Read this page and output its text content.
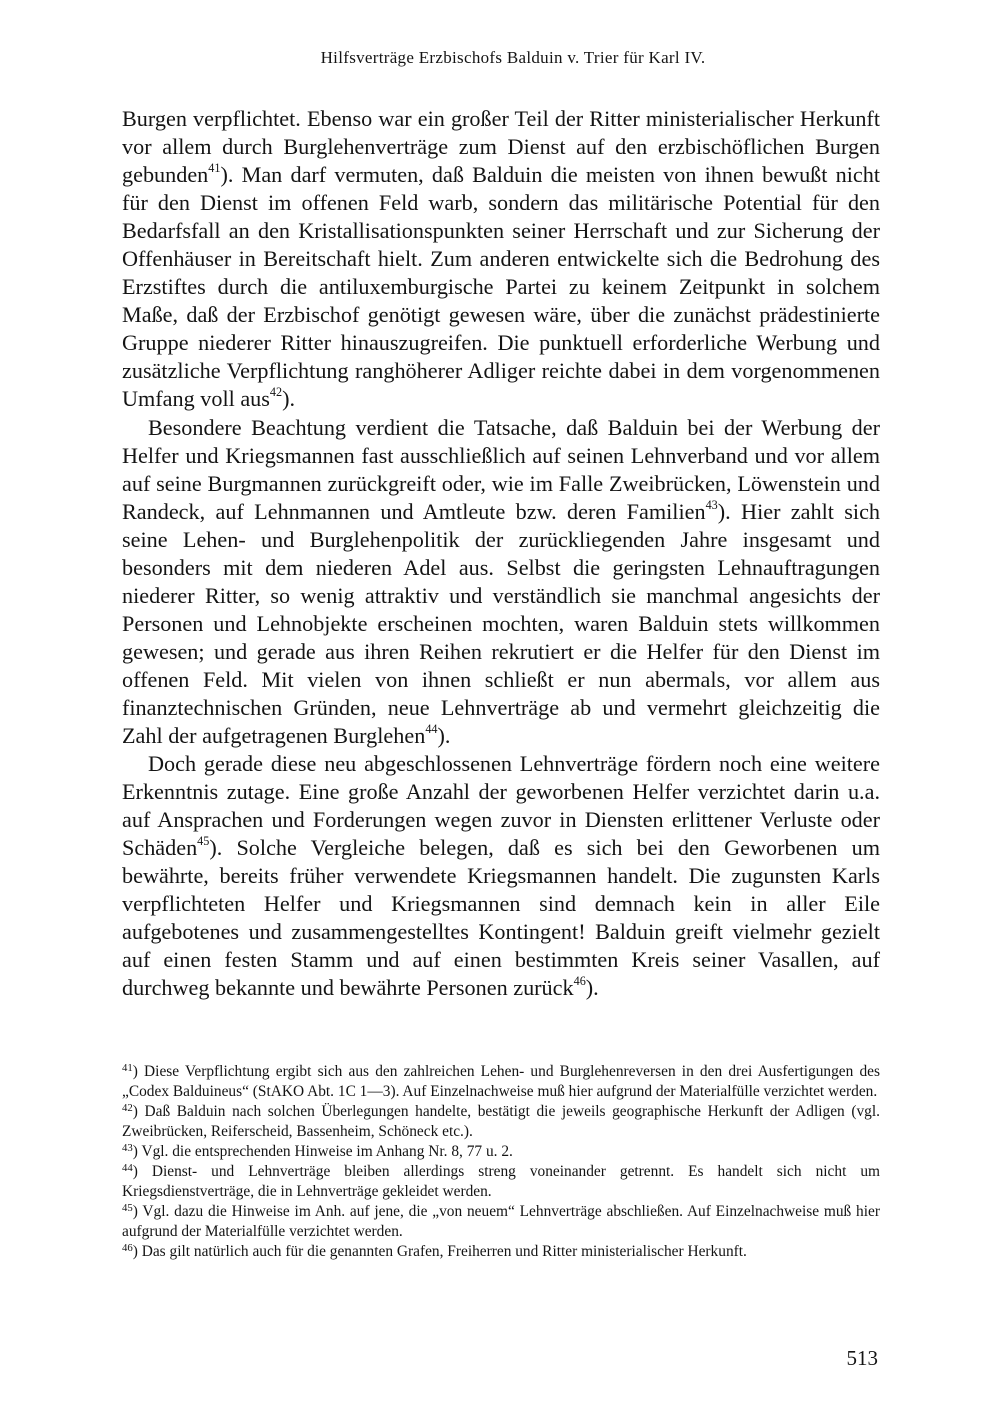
Hilfsverträge Erzbischofs Balduin v. Trier für Karl IV.

Burgen verpflichtet. Ebenso war ein großer Teil der Ritter ministerialischer Herkunft vor allem durch Burglehenverträge zum Dienst auf den erzbischöflichen Burgen gebunden$^{41}$). Man darf vermuten, daß Balduin die meisten von ihnen bewußt nicht für den Dienst im offenen Feld warb, sondern das militärische Potential für den Bedarfsfall an den Kristallisationspunkten seiner Herrschaft und zur Sicherung der Offenhäuser in Bereitschaft hielt. Zum anderen entwickelte sich die Bedrohung des Erzstiftes durch die antiluxemburgische Partei zu keinem Zeitpunkt in solchem Maße, daß der Erzbischof genötigt gewesen wäre, über die zunächst prädestinierte Gruppe niederer Ritter hinauszugreifen. Die punktuell erforderliche Werbung und zusätzliche Verpflichtung ranghöherer Adliger reichte dabei in dem vorgenommenen Umfang voll aus$^{42}$).

Besondere Beachtung verdient die Tatsache, daß Balduin bei der Werbung der Helfer und Kriegsmannen fast ausschließlich auf seinen Lehnverband und vor allem auf seine Burgmannen zurückgreift oder, wie im Falle Zweibrücken, Löwenstein und Randeck, auf Lehnmannen und Amtleute bzw. deren Familien$^{43}$). Hier zahlt sich seine Lehen- und Burglehenpolitik der zurückliegenden Jahre insgesamt und besonders mit dem niederen Adel aus. Selbst die geringsten Lehnauftragungen niederer Ritter, so wenig attraktiv und verständlich sie manchmal angesichts der Personen und Lehnobjekte erscheinen mochten, waren Balduin stets willkommen gewesen; und gerade aus ihren Reihen rekrutiert er die Helfer für den Dienst im offenen Feld. Mit vielen von ihnen schließt er nun abermals, vor allem aus finanztechnischen Gründen, neue Lehnverträge ab und vermehrt gleichzeitig die Zahl der aufgetragenen Burglehen$^{44}$).

Doch gerade diese neu abgeschlossenen Lehnverträge fördern noch eine weitere Erkenntnis zutage. Eine große Anzahl der geworbenen Helfer verzichtet darin u.a. auf Ansprachen und Forderungen wegen zuvor in Diensten erlittener Verluste oder Schäden$^{45}$). Solche Vergleiche belegen, daß es sich bei den Geworbenen um bewährte, bereits früher verwendete Kriegsmannen handelt. Die zugunsten Karls verpflichteten Helfer und Kriegsmannen sind demnach kein in aller Eile aufgebotenes und zusammengestelltes Kontingent! Balduin greift vielmehr gezielt auf einen festen Stamm und auf einen bestimmten Kreis seiner Vasallen, auf durchweg bekannte und bewährte Personen zurück$^{46}$).

$^{41}$) Diese Verpflichtung ergibt sich aus den zahlreichen Lehen- und Burglehenreversen in den drei Ausfertigungen des „Codex Balduineus“ (StAKO Abt. 1C 1—3). Auf Einzelnachweise muß hier aufgrund der Materialfülle verzichtet werden.

$^{42}$) Daß Balduin nach solchen Überlegungen handelte, bestätigt die jeweils geographische Herkunft der Adligen (vgl. Zweibrücken, Reiferscheid, Bassenheim, Schöneck etc.).

$^{43}$) Vgl. die entsprechenden Hinweise im Anhang Nr. 8, 77 u. 2.

$^{44}$) Dienst- und Lehnverträge bleiben allerdings streng voneinander getrennt. Es handelt sich nicht um Kriegsdienstverträge, die in Lehnverträge gekleidet werden.

$^{45}$) Vgl. dazu die Hinweise im Anh. auf jene, die „von neuem“ Lehnverträge abschließen. Auf Einzelnachweise muß hier aufgrund der Materialfülle verzichtet werden.

$^{46}$) Das gilt natürlich auch für die genannten Grafen, Freiherren und Ritter ministerialischer Herkunft.

513
